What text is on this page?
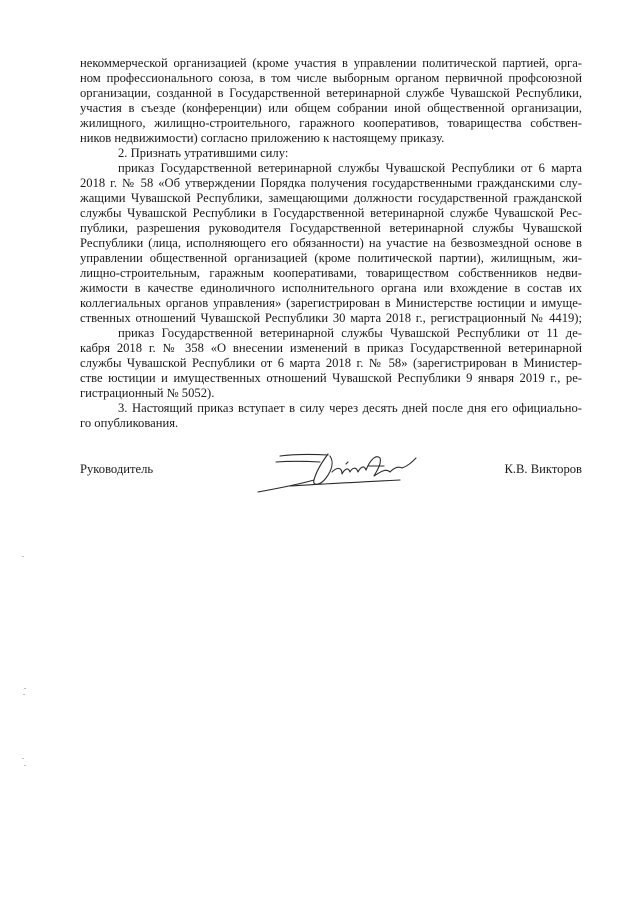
некоммерческой организацией (кроме участия в управлении политической партией, орга-
ном профессионального союза, в том числе выборным органом первичной профсоюзной
организации, созданной в Государственной ветеринарной службе Чувашской Республики,
участия в съезде (конференции) или общем собрании иной общественной организации,
жилищного, жилищно-строительного, гаражного кооперативов, товарищества собствен-
ников недвижимости) согласно приложению к настоящему приказу.
2. Признать утратившими силу:
приказ Государственной ветеринарной службы Чувашской Республики от 6 марта
2018 г. № 58 «Об утверждении Порядка получения государственными гражданскими слу-
жащими Чувашской Республики, замещающими должности государственной гражданской
службы Чувашской Республики в Государственной ветеринарной службе Чувашской Рес-
публики, разрешения руководителя Государственной ветеринарной службы Чувашской
Республики (лица, исполняющего его обязанности) на участие на безвозмездной основе в
управлении общественной организацией (кроме политической партии), жилищным, жи-
лищно-строительным, гаражным кооперативами, товариществом собственников недви-
жимости в качестве единоличного исполнительного органа или вхождение в состав их
коллегиальных органов управления» (зарегистрирован в Министерстве юстиции и имуще-
ственных отношений Чувашской Республики 30 марта 2018 г., регистрационный № 4419);
приказ Государственной ветеринарной службы Чувашской Республики от 11 де-
кабря 2018 г. № 358 «О внесении изменений в приказ Государственной ветеринарной
службы Чувашской Республики от 6 марта 2018 г. № 58» (зарегистрирован в Министер-
стве юстиции и имущественных отношений Чувашской Республики 9 января 2019 г., ре-
гистрационный № 5052).
3. Настоящий приказ вступает в силу через десять дней после дня его официально-
го опубликования.
Руководитель	К.В. Викторов
